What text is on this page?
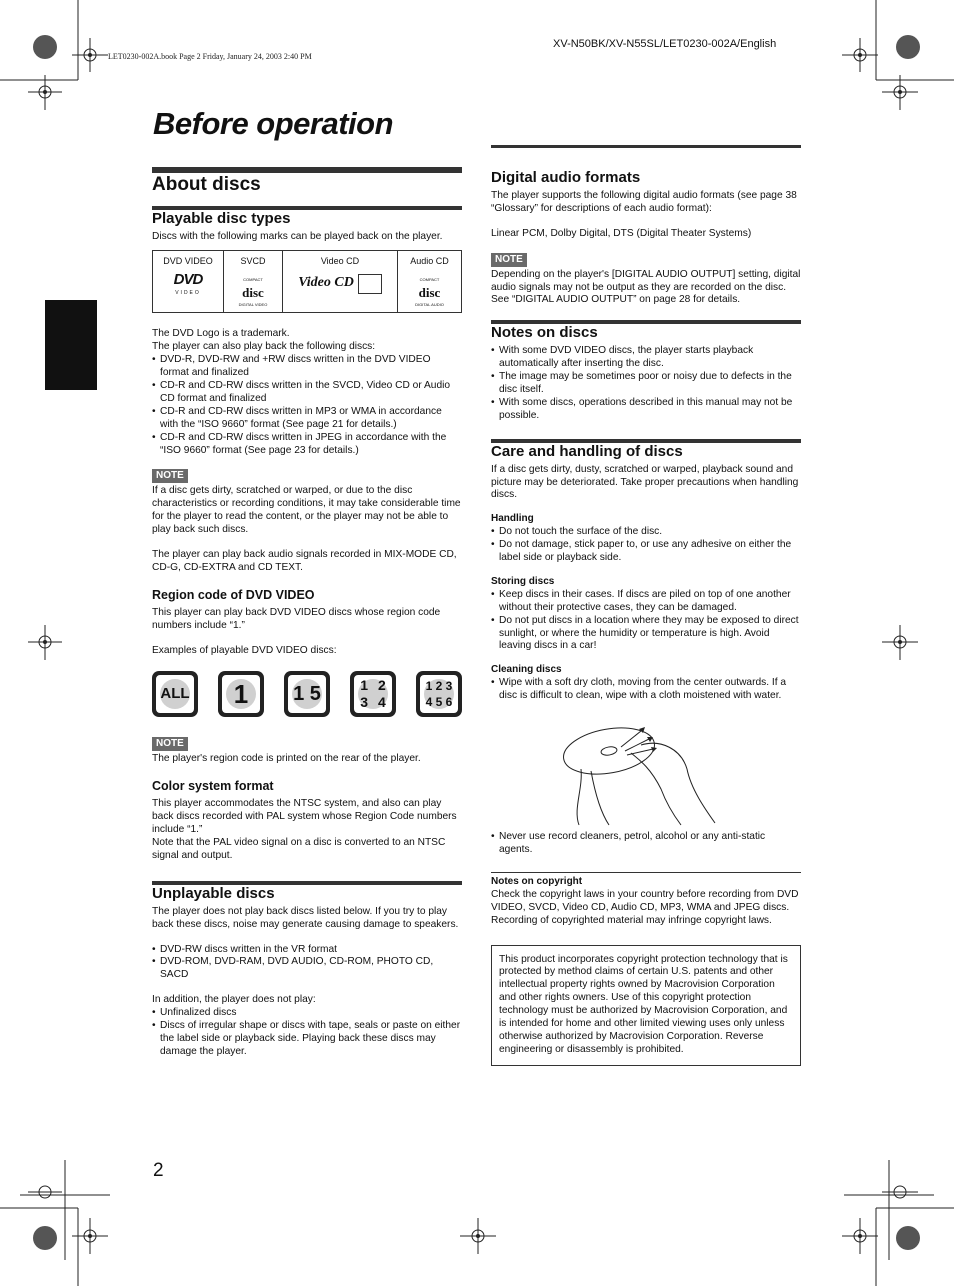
LET0230-002A.book Page 2 Friday, January 24, 2003 2:40 PM
XV-N50BK/XV-N55SL/LET0230-002A/English
Before operation
Before operation
About discs
Playable disc types

Discs with the following marks can be played back on the player.

DVD VIDEO
DVD
VIDEO

SVCD
COMPACT
disc
DIGITAL VIDEO

Video CD
Video CD

Audio CD
COMPACT
disc
DIGITAL AUDIO

The DVD Logo is a trademark.

The player can also play back the following discs:

• DVD-R, DVD-RW and +RW discs written in the DVD VIDEO format and finalized
• CD-R and CD-RW discs written in the SVCD, Video CD or Audio CD format and finalized
• CD-R and CD-RW discs written in MP3 or WMA in accordance with the “ISO 9660” format (See page 21 for details.)
• CD-R and CD-RW discs written in JPEG in accordance with the “ISO 9660” format (See page 23 for details.)
NOTE

If a disc gets dirty, scratched or warped, or due to the disc characteristics or recording conditions, it may take considerable time for the player to read the content, or the player may not be able to play back such discs.

The player can play back audio signals recorded in MIX-MODE CD, CD-G, CD-EXTRA and CD TEXT.

Region code of DVD VIDEO

This player can play back DVD VIDEO discs whose region code numbers include “1.”

Examples of playable DVD VIDEO discs:

ALL	1	1 5	1 2 3 4
1 2 3 4 5 6
NOTE

The player's region code is printed on the rear of the player.

Color system format

This player accommodates the NTSC system, and also can play back discs recorded with PAL system whose Region Code numbers include “1.”

Note that the PAL video signal on a disc is converted to an NTSC signal and output.

Unplayable discs

The player does not play back discs listed below. If you try to play back these discs, noise may generate causing damage to speakers.

• DVD-RW discs written in the VR format
• DVD-ROM, DVD-RAM, DVD AUDIO, CD-ROM, PHOTO CD, SACD

In addition, the player does not play:

• Unfinalized discs
• Discs of irregular shape or discs with tape, seals or paste on either the label side or playback side. Playing back these discs may damage the player.
Digital audio formats

The player supports the following digital audio formats (see page 38 “Glossary” for descriptions of each audio format):

Linear PCM, Dolby Digital, DTS (Digital Theater Systems)

NOTE

Depending on the player's [DIGITAL AUDIO OUTPUT] setting, digital audio signals may not be output as they are recorded on the disc. See “DIGITAL AUDIO OUTPUT” on page 28 for details.

Notes on discs
• With some DVD VIDEO discs, the player starts playback automatically after inserting the disc.
• The image may be sometimes poor or noisy due to defects in the disc itself.
• With some discs, operations described in this manual may not be possible.
Care and handling of discs

If a disc gets dirty, dusty, scratched or warped, playback sound and picture may be deteriorated. Take proper precautions when handling discs.

Handling
• Do not touch the surface of the disc.
• Do not damage, stick paper to, or use any adhesive on either the label side or playback side.
Storing discs
• Keep discs in their cases. If discs are piled on top of one another without their protective cases, they can be damaged.
• Do not put discs in a location where they may be exposed to direct sunlight, or where the humidity or temperature is high. Avoid leaving discs in a car!
Cleaning discs
• Wipe with a soft dry cloth, moving from the center outwards. If a disc is difficult to clean, wipe with a cloth moistened with water.
• Never use record cleaners, petrol, alcohol or any anti-static agents.
Notes on copyright

Check the copyright laws in your country before recording from DVD VIDEO, SVCD, Video CD, Audio CD, MP3, WMA and JPEG discs.

Recording of copyrighted material may infringe copyright laws.

This product incorporates copyright protection technology that is protected by method claims of certain U.S. patents and other intellectual property rights owned by Macrovision Corporation and other rights owners. Use of this copyright protection technology must be authorized by Macrovision Corporation, and is intended for home and other limited viewing uses only unless otherwise authorized by Macrovision Corporation. Reverse engineering or disassembly is prohibited.

2
